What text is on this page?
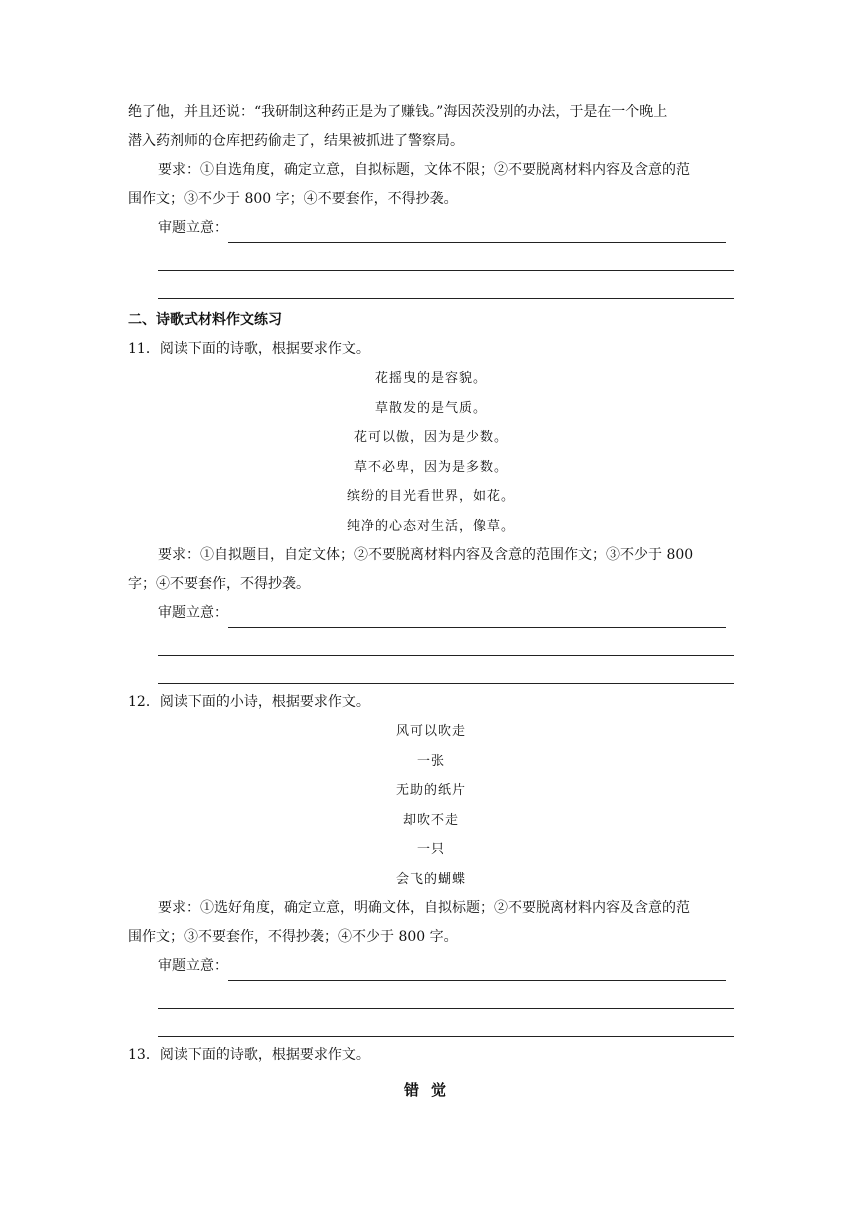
绝了他，并且还说：“我研制这种药正是为了赚钱。”海因茨没别的办法，于是在一个晚上

潜入药剂师的仓库把药偷走了，结果被抓进了警察局。

要求：①自选角度，确定立意，自拟标题，文体不限；②不要脱离材料内容及含意的范

围作文；③不少于 800 字；④不要套作，不得抄袭。

审题立意：

二、诗歌式材料作文练习

11．阅读下面的诗歌，根据要求作文。

花摇曳的是容貌。

草散发的是气质。

花可以傲，因为是少数。

草不必卑，因为是多数。

缤纷的目光看世界，如花。

纯净的心态对生活，像草。

要求：①自拟题目，自定文体；②不要脱离材料内容及含意的范围作文；③不少于 800

字；④不要套作，不得抄袭。

审题立意：

12．阅读下面的小诗，根据要求作文。

风可以吹走

一张

无助的纸片

却吹不走

一只

会飞的蝴蝶

要求：①选好角度，确定立意，明确文体，自拟标题；②不要脱离材料内容及含意的范

围作文；③不要套作，不得抄袭；④不少于 800 字。

审题立意：

13．阅读下面的诗歌，根据要求作文。

错觉
